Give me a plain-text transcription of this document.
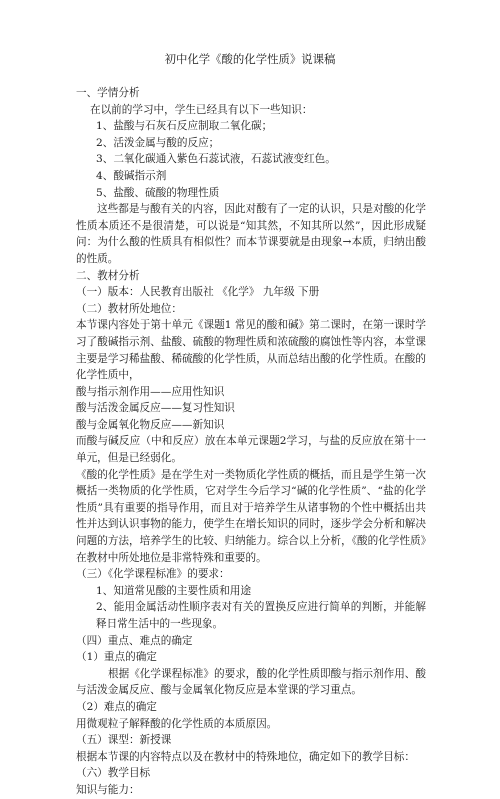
初中化学《酸的化学性质》说课稿
一、学情分析
在以前的学习中，学生已经具有以下一些知识：
1、盐酸与石灰石反应制取二氧化碳；
2、活泼金属与酸的反应；
3、二氧化碳通入紫色石蕊试液，石蕊试液变红色。
4、酸碱指示剂
5、盐酸、硫酸的物理性质
这些都是与酸有关的内容，因此对酸有了一定的认识，只是对酸的化学性质本质还不是很清楚，可以说是“知其然，不知其所以然”，因此形成疑问：为什么酸的性质具有相似性？而本节课要就是由现象→本质，归纳出酸的性质。
二、教材分析
（一）版本：人民教育出版社 《化学》 九年级 下册
（二）教材所处地位：
本节课内容处于第十单元《课题1 常见的酸和碱》第二课时，在第一课时学习了酸碱指示剂、盐酸、硫酸的物理性质和浓硫酸的腐蚀性等内容，本堂课主要是学习稀盐酸、稀硫酸的化学性质，从而总结出酸的化学性质。在酸的化学性质中，
酸与指示剂作用——应用性知识
酸与活泼金属反应——复习性知识
酸与金属氧化物反应——新知识
而酸与碱反应（中和反应）放在本单元课题2学习，与盐的反应放在第十一单元，但是已经弱化。
《酸的化学性质》是在学生对一类物质化学性质的概括，而且是学生第一次概括一类物质的化学性质，它对学生今后学习“碱的化学性质”、“盐的化学性质”具有重要的指导作用，而且对于培养学生从诸事物的个性中概括出共性并达到认识事物的能力，使学生在增长知识的同时，逐步学会分析和解决问题的方法，培养学生的比较、归纳能力。综合以上分析，《酸的化学性质》在教材中所处地位是非常特殊和重要的。
（三）《化学课程标准》的要求：
1、知道常见酸的主要性质和用途
2、能用金属活动性顺序表对有关的置换反应进行简单的判断，并能解释日常生活中的一些现象。
（四）重点、难点的确定
（1）重点的确定
根据《化学课程标准》的要求，酸的化学性质即酸与指示剂作用、酸与活泼金属反应、酸与金属氧化物反应是本堂课的学习重点。
（2）难点的确定
用微观粒子解释酸的化学性质的本质原因。
（五）课型：新授课
根据本节课的内容特点以及在教材中的特殊地位，确定如下的教学目标：
（六）教学目标
知识与能力：
